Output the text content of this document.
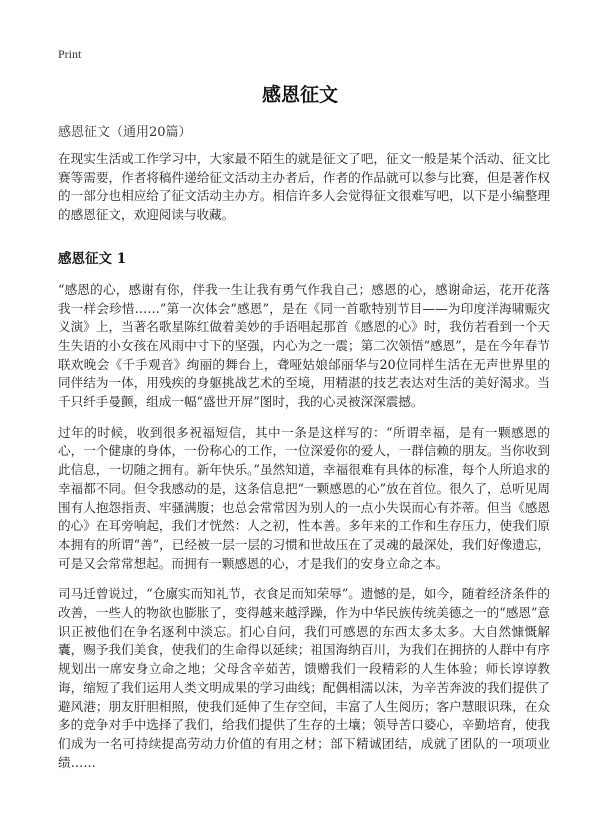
Print
感恩征文

感恩征文（通用20篇）

在现实生活或工作学习中，大家最不陌生的就是征文了吧，征文一般是某个活动、征文比赛等需要，作者将稿件递给征文活动主办者后，作者的作品就可以参与比赛，但是著作权的一部分也相应给了征文活动主办方。相信许多人会觉得征文很难写吧，以下是小编整理的感恩征文，欢迎阅读与收藏。

感恩征文 1

“感恩的心，感谢有你，伴我一生让我有勇气作我自己；感恩的心，感谢命运，花开花落我一样会珍惜……”第一次体会“感恩”，是在《同一首歌特别节目——为印度洋海啸赈灾义演》上，当著名歌星陈红做着美妙的手语唱起那首《感恩的心》时，我仿若看到一个天生失语的小女孩在风雨中寸下的坚强，内心为之一震；第二次领悟“感恩”，是在今年春节联欢晚会《千手观音》绚丽的舞台上，聋哑姑娘邰丽华与20位同样生活在无声世界里的同伴结为一体，用残疾的身躯挑战艺术的至境，用精湛的技艺表达对生活的美好渴求。当千只纤手曼颤，组成一幅“盛世开屏”图时，我的心灵被深深震撼。

过年的时候，收到很多祝福短信，其中一条是这样写的：“所谓幸福，是有一颗感恩的心，一个健康的身体，一份称心的工作，一位深爱你的爱人，一群信赖的朋友。当你收到此信息，一切随之拥有。新年快乐。”虽然知道，幸福很难有具体的标准，每个人所追求的幸福都不同。但令我感动的是，这条信息把“一颗感恩的心”放在首位。很久了，总听见周围有人抱怨指责、牢骚满腹；也总会常常因为别人的一点小失误而心有芥蒂。但当《感恩的心》在耳旁响起，我们才恍然：人之初，性本善。多年来的工作和生存压力，使我们原本拥有的所谓“善”，已经被一层一层的习惯和世故压在了灵魂的最深处，我们好像遗忘，可是又会常常想起。而拥有一颗感恩的心，才是我们的安身立命之本。

司马迁曾说过，“仓廪实而知礼节，衣食足而知荣辱”。遗憾的是，如今，随着经济条件的改善，一些人的物欲也膨胀了，变得越来越浮躁，作为中华民族传统美德之一的“感恩”意识正被他们在争名逐利中淡忘。扪心自问，我们可感恩的东西太多太多。大自然慷慨解囊，赐予我们美食，使我们的生命得以延续；祖国海纳百川，为我们在拥挤的人群中有序规划出一席安身立命之地；父母含辛茹苦，馈赠我们一段精彩的人生体验；师长谆谆教诲，缩短了我们运用人类文明成果的学习曲线；配偶相濡以沫，为辛苦奔波的我们提供了避风港；朋友肝胆相照，使我们延伸了生存空间，丰富了人生阅历；客户慧眼识珠，在众多的竞争对手中选择了我们，给我们提供了生存的土壤；领导苦口婆心，辛勤培育，使我们成为一名可持续提高劳动力价值的有用之材；部下精诚团结，成就了团队的一项项业绩……
